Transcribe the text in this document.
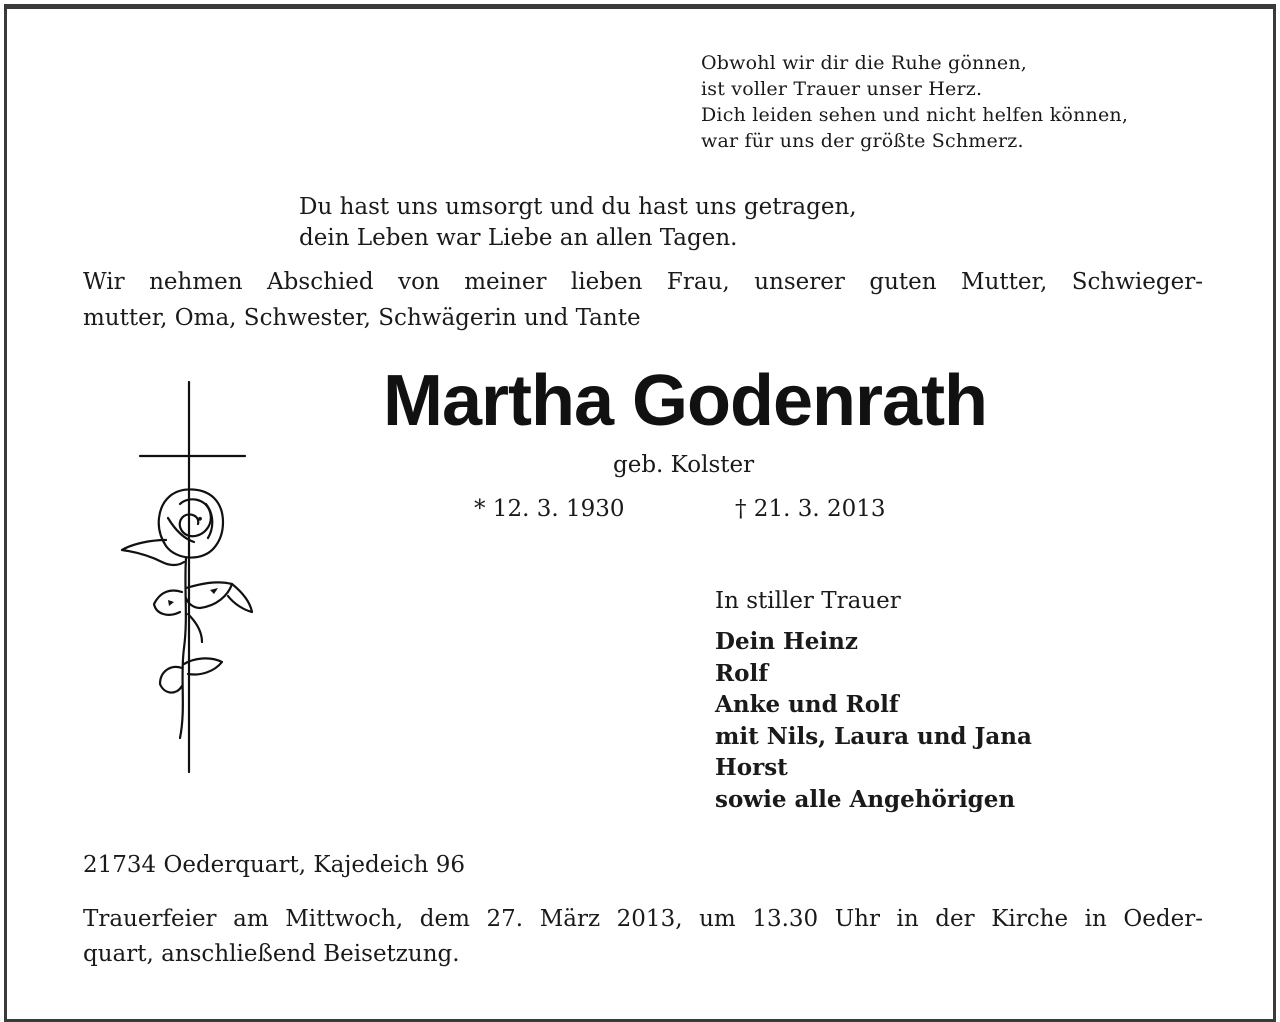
Obwohl wir dir die Ruhe gönnen,
ist voller Trauer unser Herz.
Dich leiden sehen und nicht helfen können,
war für uns der größte Schmerz.
Du hast uns umsorgt und du hast uns getragen,
dein Leben war Liebe an allen Tagen.
Wir nehmen Abschied von meiner lieben Frau, unserer guten Mutter, Schwieger-
mutter, Oma, Schwester, Schwägerin und Tante
Martha Godenrath
geb. Kolster
* 12. 3. 1930	† 21. 3. 2013
In stiller Trauer
Dein Heinz
Rolf
Anke und Rolf
mit Nils, Laura und Jana
Horst
sowie alle Angehörigen
21734 Oederquart, Kajedeich 96
Trauerfeier am Mittwoch, dem 27. März 2013, um 13.30 Uhr in der Kirche in Oeder-
quart, anschließend Beisetzung.
